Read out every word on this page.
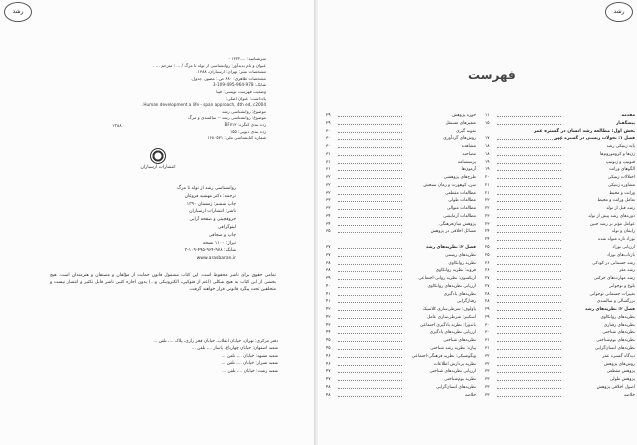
رشد
سرشناسه: ...،۱۳۲۲ -
عنوان و نام پدیدآور: روانشناسی از تولد تا مرگ / ... ؛ مترجم ... .
مشخصات نشر: تهران: ارسباران، ۱۳۸۸.
مشخصات ظاهری: ۶۸۰ ص.: مصور، جدول.
شابک: 978-964-495-109-3
وضعیت فهرست نویسی: فیپا
یادداشت: عنوان اصلی:
Human development a life - span approach, 4th ed, c2004.
موضوع: روانشناسی رشد
موضوع: روانشناسی رشد -- سالمندی و مرگ
رده بندی کنگره: BF۷۱۳
رده بندی دیویی: ۱۵۵
شماره کتابشناسی ملی: ۱۶۸۰۵۷۱
۱۳۸۸
انتشارات ارسباران
روانشناسی رشد از تولد تا مرگ
ترجمه: دکتر مهشید فروغان
چاپ ششم: زمستان ۱۳۹۰
ناشر: انتشارات ارسباران
حروفچینی و صفحه آرایی
لیتوگرافی
چاپ و صحافی
تیراژ: ۱۱۰۰ نسخه
شابک: ۹۷۸-۹۶۴-۴۹۵-۱۰۹-۳
www.arasbaran.ir
تمامی حقوق برای ناشر محفوظ است. این کتاب مشمول قانون حمایت از مؤلفان و مصنفان و هنرمندان است. هیچ بخشی از این کتاب به هیچ شکلی (اعم از فتوکپی، الکترونیکی و...) بدون اجازه کتبی ناشر قابل تکثیر و انتشار نیست و متخلفین تحت پیگرد قانونی قرار خواهند گرفت.
دفتر مرکزی: تهران، خیابان انقلاب، خیابان فخر رازی، پلاک ...، تلفن ...
شعبه اصفهان: خیابان چهارباغ، پاساژ ...، تلفن ...
شعبه مشهد: خیابان ...، تلفن ...
شعبه شیراز: خیابان ...، تلفن ...
شعبه رشت: خیابان ...، تلفن ...
رشد
فهرست
مقدمه
۱۱
پیشگفتار
۱۵
بخش اول: مطالعه رشد انسان در گستره عمر
فصل ۱: تحولات زیستی در گستره عمر
۱۷
پایه ژنتیکی رشد
۱۸
ژن‌ها و کروموزوم‌ها
۱۸
فنوتیپ و ژنوتیپ
۱۹
الگوهای وراثت
۱۹
اختلالات ژنتیکی
۲۰
مشاوره ژنتیکی
۲۱
وراثت و محیط
۲۱
تعامل وراثت و محیط
۲۲
رشد قبل از تولد
۲۲
دوره‌های رشد پیش از تولد
۲۳
عوامل مؤثر بر رشد جنین
۲۳
زایمان و تولد
۲۴
نوزاد تازه متولد شده
۲۴
ارزیابی نوزاد
۲۵
بازتاب‌های نوزاد
۲۵
رشد جسمانی در کودکی
۲۶
رشد مغز
۲۶
رشد مهارت‌های حرکتی
۲۷
بلوغ و نوجوانی
۲۷
تغییرات جسمانی نوجوانی
۲۸
بزرگسالی و سالمندی
۲۸
فصل ۲: نظریه‌های رشد
۲۹
نظریه‌های روانکاوی
۲۹
نظریه‌های رفتاری
۳۰
نظریه‌های شناختی
۳۰
نظریه‌های بوم‌شناختی
۳۱
نظریه‌های انسان‌گرایی
۳۱
دیدگاه گستره عمر
۳۲
روش‌های پژوهش
۳۲
پژوهش مقطعی
۳۳
پژوهش طولی
۳۳
اصول اخلاقی پژوهش
۳۳
خلاصه
۳۳
حوزه پژوهش
۲۹
متغیرهای مستقل
۲۹
نمونه گیری
۳۰
روش‌های گردآوری
۳۰
مشاهده
۳۰
مصاحبه
۳۱
پرسشنامه
۳۱
آزمون‌ها
۳۱
طرح‌های پژوهشی
۳۲
سن، کوهورت و زمان سنجش
۳۲
مطالعات مقطعی
۳۲
مطالعات طولی
۳۳
مطالعات متوالی
۳۳
مطالعات آزمایشی
۳۴
پژوهش میان‌فرهنگی
۳۴
مسائل اخلاقی در پژوهش
۳۵
فصل ۲: نظریه‌های رشد
۳۷
نظریه‌های زیستی
۳۷
نظریه روانکاوی
۳۸
فروید: نظریه روانکاوی
۳۸
اریکسون: نظریه روانی-اجتماعی
۳۹
ارزیابی نظریه‌های روانکاوی
۴۰
نظریه‌های یادگیری
۴۱
رفتارگرایی
۴۱
پاولوف: شرطی‌سازی کلاسیک
۴۲
اسکینر: شرطی‌سازی عامل
۴۲
باندورا: نظریه یادگیری اجتماعی
۴۳
ارزیابی نظریه‌های یادگیری
۴۴
نظریه‌های شناختی
۴۵
پیاژه: نظریه رشد شناختی
۴۵
ویگوتسکی: نظریه فرهنگی-اجتماعی
۴۶
نظریه پردازش اطلاعات
۴۶
ارزیابی نظریه‌های شناختی
۴۷
نظریه بوم‌شناختی
۴۷
نظریه‌های انسان‌گرایی
۴۸
خلاصه
۴۸
